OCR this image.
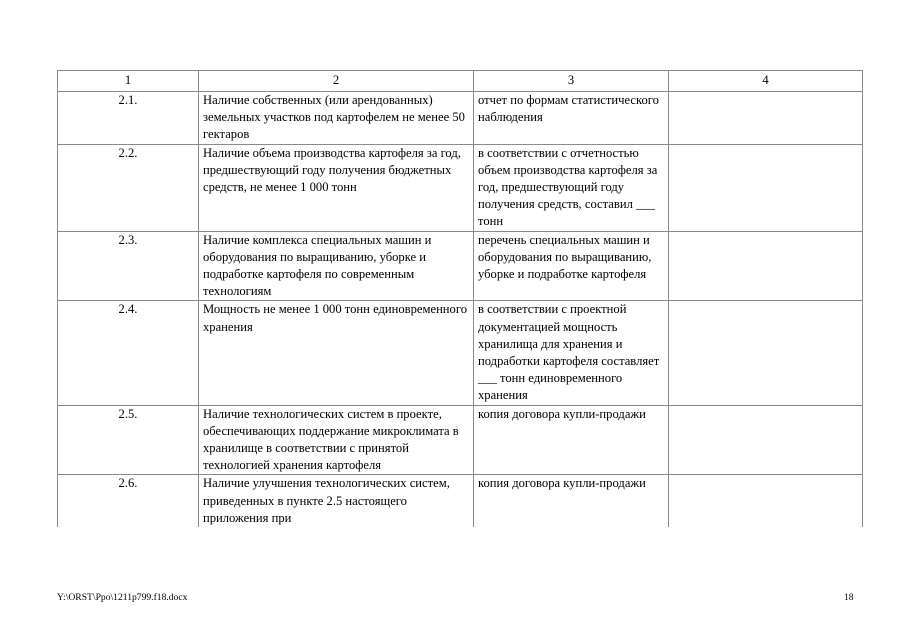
1	2	3	4
2.1.	Наличие собственных (или арендованных) земельных участков под картофелем не менее 50 гектаров	отчет по формам статистического наблюдения	
2.2.	Наличие объема производства картофеля за год, предшествующий году получения бюджетных средств, не менее 1 000 тонн	в соответствии с отчетностью объем производства картофеля за год, предшествующий году получения средств, составил ___ тонн	
2.3.	Наличие комплекса специальных машин и оборудования по выращиванию, уборке и подработке картофеля по современным технологиям	перечень специальных машин и оборудования по выращиванию, уборке и подработке картофеля	
2.4.	Мощность не менее 1 000 тонн единовременного хранения	в соответствии с проектной документацией мощность хранилища для хранения и подработки картофеля составляет ___ тонн единовременного хранения	
2.5.	Наличие технологических систем в проекте, обеспечивающих поддержание микроклимата в хранилище в соответствии с принятой технологией хранения картофеля	копия договора купли-продажи	

2.6.	Наличие улучшения технологических систем, приведенных в пункте 2.5 настоящего приложения при	копия договора купли-продажи	

Y:\ORST\Ppo\1211p799.f18.docx	18
